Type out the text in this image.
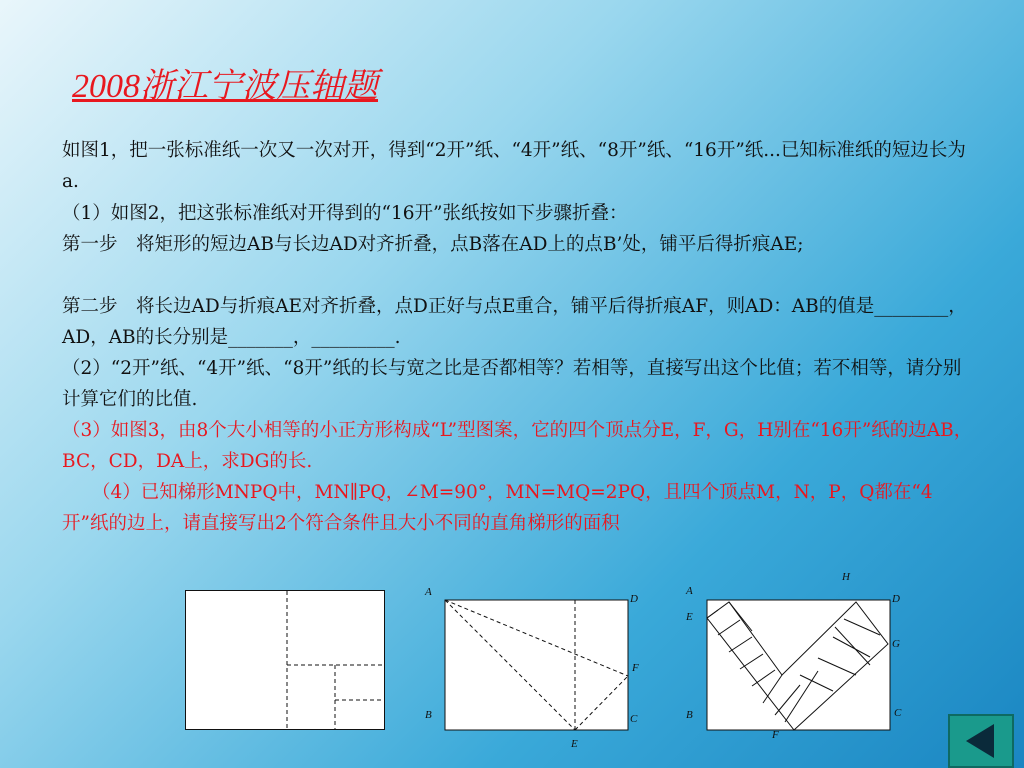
2008浙江宁波压轴题

如图1，把一张标准纸一次又一次对开，得到“2开”纸、“4开”纸、“8开”纸、“16开”纸...已知标准纸的短边长为a.

（1）如图2，把这张标准纸对开得到的“16开”张纸按如下步骤折叠：

第一步　将矩形的短边AB与长边AD对齐折叠，点B落在AD上的点B’处，铺平后得折痕AE;

第二步　将长边AD与折痕AE对齐折叠，点D正好与点E重合，铺平后得折痕AF，则AD：AB的值是________，AD，AB的长分别是_______，_________.

（2）“2开”纸、“4开”纸、“8开”纸的长与宽之比是否都相等？若相等，直接写出这个比值；若不相等，请分别计算它们的比值.

（3）如图3，由8个大小相等的小正方形构成“L”型图案，它的四个顶点分E，F，G，H别在“16开”纸的边AB，BC，CD，DA上，求DG的长.

（4）已知梯形MNPQ中，MN∥PQ，∠M=90°，MN=MQ=2PQ，且四个顶点M，N，P，Q都在“4开”纸的边上，请直接写出2个符合条件且大小不同的直角梯形的面积

A
D
F
B	C
E
H
A
D
E
G
B	C
F
